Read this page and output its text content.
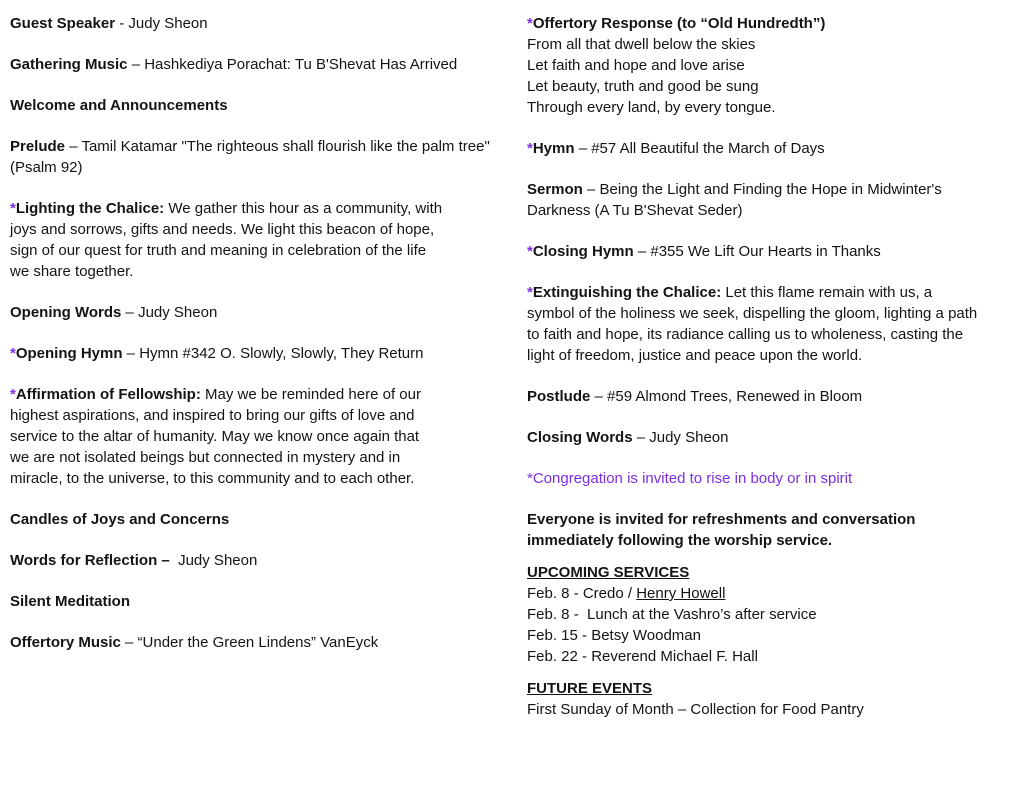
Guest Speaker - Judy Sheon

Gathering Music – Hashkediya Porachat: Tu B'Shevat Has Arrived

Welcome and Announcements

Prelude – Tamil Katamar "The righteous shall flourish like the palm tree"
(Psalm 92)

*Lighting the Chalice: We gather this hour as a community, with
joys and sorrows, gifts and needs. We light this beacon of hope,
sign of our quest for truth and meaning in celebration of the life
we share together.

Opening Words – Judy Sheon

*Opening Hymn – Hymn #342 O. Slowly, Slowly, They Return

*Affirmation of Fellowship: May we be reminded here of our
highest aspirations, and inspired to bring our gifts of love and
service to the altar of humanity. May we know once again that
we are not isolated beings but connected in mystery and in
miracle, to the universe, to this community and to each other.

Candles of Joys and Concerns

Words for Reflection –  Judy Sheon

Silent Meditation

Offertory Music – “Under the Green Lindens” VanEyck

*Offertory Response (to “Old Hundredth”)
From all that dwell below the skies
Let faith and hope and love arise
Let beauty, truth and good be sung
Through every land, by every tongue.

*Hymn – #57 All Beautiful the March of Days

Sermon – Being the Light and Finding the Hope in Midwinter's
Darkness (A Tu B'Shevat Seder)

*Closing Hymn – #355 We Lift Our Hearts in Thanks

*Extinguishing the Chalice: Let this flame remain with us, a
symbol of the holiness we seek, dispelling the gloom, lighting a path
to faith and hope, its radiance calling us to wholeness, casting the
light of freedom, justice and peace upon the world.

Postlude – #59 Almond Trees, Renewed in Bloom

Closing Words – Judy Sheon

*Congregation is invited to rise in body or in spirit

Everyone is invited for refreshments and conversation
immediately following the worship service.

UPCOMING SERVICES
Feb. 8 - Credo / Henry Howell
Feb. 8 -  Lunch at the Vashro’s after service
Feb. 15 - Betsy Woodman
Feb. 22 - Reverend Michael F. Hall

FUTURE EVENTS
First Sunday of Month – Collection for Food Pantry
